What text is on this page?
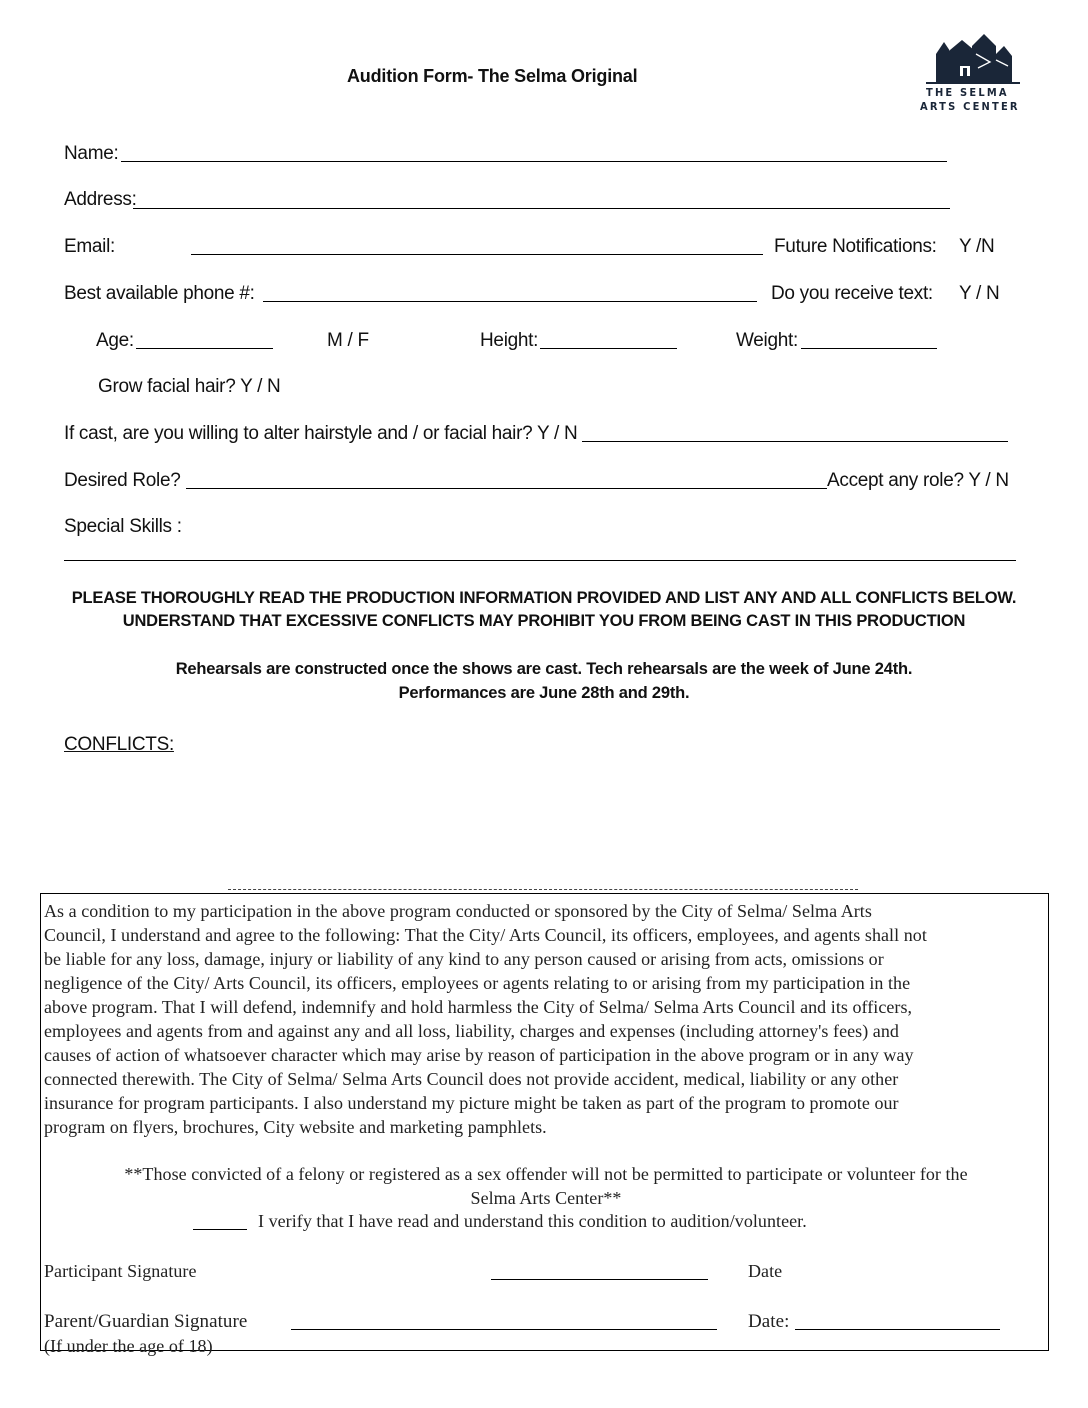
Audition Form- The Selma Original
THE SELMA
ARTS CENTER
Name:
Address:
Email:	Future Notifications: Y /N
Best available phone #:	Do you receive text: Y / N
Age:	M / F	Height:	Weight:
Grow facial hair? Y / N
If cast, are you willing to alter hairstyle and / or facial hair? Y / N
Desired Role?	Accept any role? Y / N
Special Skills :
PLEASE THOROUGHLY READ THE PRODUCTION INFORMATION PROVIDED AND LIST ANY AND ALL CONFLICTS BELOW.
UNDERSTAND THAT EXCESSIVE CONFLICTS MAY PROHIBIT YOU FROM BEING CAST IN THIS PRODUCTION
Rehearsals are constructed once the shows are cast. Tech rehearsals are the week of June 24th.
Performances are June 28th and 29th.
CONFLICTS:
As a condition to my participation in the above program conducted or sponsored by the City of Selma/ Selma Arts
Council, I understand and agree to the following: That the City/ Arts Council, its officers, employees, and agents shall not
be liable for any loss, damage, injury or liability of any kind to any person caused or arising from acts, omissions or
negligence of the City/ Arts Council, its officers, employees or agents relating to or arising from my participation in the
above program. That I will defend, indemnify and hold harmless the City of Selma/ Selma Arts Council and its officers,
employees and agents from and against any and all loss, liability, charges and expenses (including attorney's fees) and
causes of action of whatsoever character which may arise by reason of participation in the above program or in any way
connected therewith. The City of Selma/ Selma Arts Council does not provide accident, medical, liability or any other
insurance for program participants. I also understand my picture might be taken as part of the program to promote our
program on flyers, brochures, City website and marketing pamphlets.
**Those convicted of a felony or registered as a sex offender will not be permitted to participate or volunteer for the
Selma Arts Center**
I verify that I have read and understand this condition to audition/volunteer.
Participant Signature	Date
Parent/Guardian Signature	Date:
(If under the age of 18)
